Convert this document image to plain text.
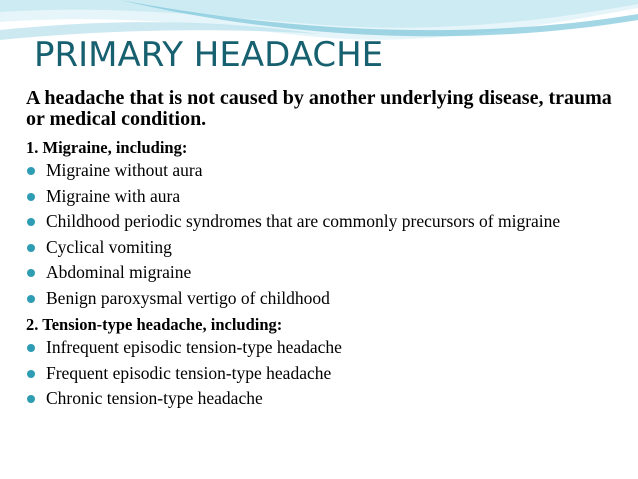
PRIMARY HEADACHE

A headache that is not caused by another underlying disease, trauma or medical condition.

1. Migraine, including:
Migraine without aura
Migraine with aura
Childhood periodic syndromes that are commonly precursors of migraine
Cyclical vomiting
Abdominal migraine
Benign paroxysmal vertigo of childhood
2. Tension-type headache, including:
Infrequent episodic tension-type headache
Frequent episodic tension-type headache
Chronic tension-type headache
